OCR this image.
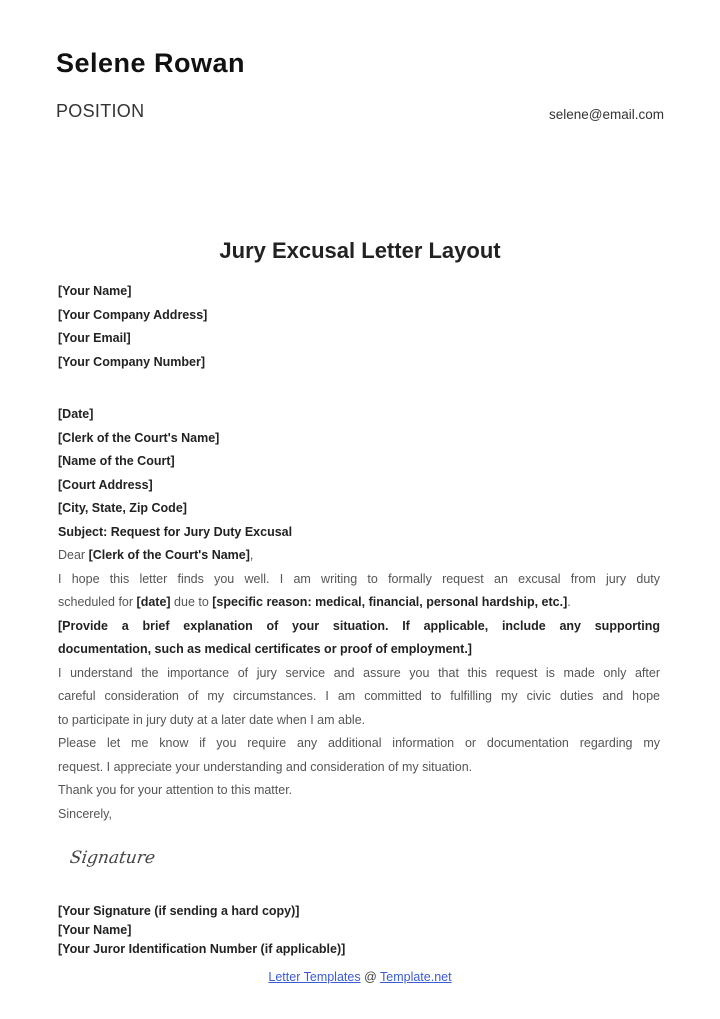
Selene Rowan
POSITION	selene@email.com
Jury Excusal Letter Layout
[Your Name]
[Your Company Address]
[Your Email]
[Your Company Number]
[Date]
[Clerk of the Court's Name]
[Name of the Court]
[Court Address]
[City, State, Zip Code]
Subject: Request for Jury Duty Excusal
Dear [Clerk of the Court's Name],
I hope this letter finds you well. I am writing to formally request an excusal from jury duty
scheduled for [date] due to [specific reason: medical, financial, personal hardship, etc.].
[Provide a brief explanation of your situation. If applicable, include any supporting
documentation, such as medical certificates or proof of employment.]
I understand the importance of jury service and assure you that this request is made only after
careful consideration of my circumstances. I am committed to fulfilling my civic duties and hope
to participate in jury duty at a later date when I am able.
Please let me know if you require any additional information or documentation regarding my
request. I appreciate your understanding and consideration of my situation.
Thank you for your attention to this matter.
Sincerely,
Signature
[Your Signature (if sending a hard copy)]
[Your Name]
[Your Juror Identification Number (if applicable)]
Letter Templates @ Template.net
